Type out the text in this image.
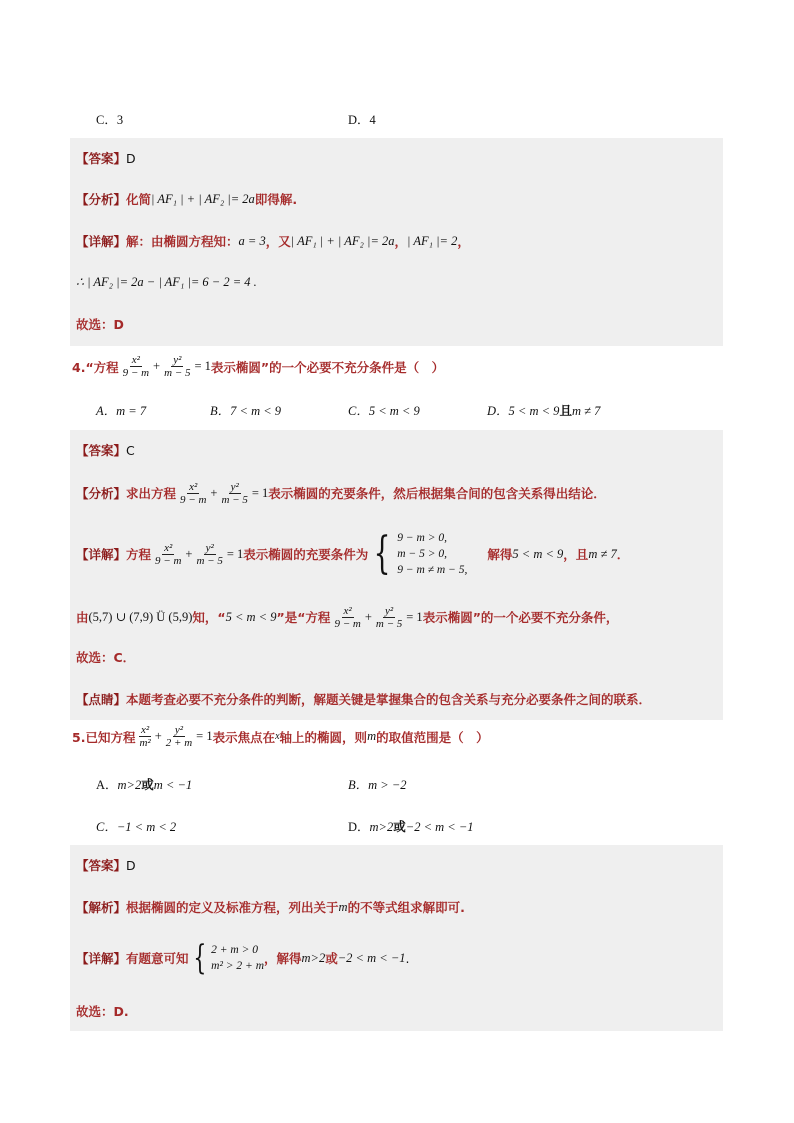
C．3	D．4
【答案】 D
【分析】 化简 | AF₁ | + | AF₂ |= 2a 即得解.
【详解】 解：由椭圆方程知： a = 3 ，又 | AF₁ | + | AF₂ |= 2a ， | AF₁ |= 2 ，
∴ | AF₂ |= 2a − | AF₁ |= 6 − 2 = 4 .
故选：D
4.“方程 $\frac{\text{x²}}{9 - m} + \frac{\text{y²}}{m - 5} = 1$ 表示椭圆”的一个必要不充分条件是（　）
A．m = 7	B．7 < m < 9	C．5 < m < 9	D．5 < m < 9且m ≠ 7
【答案】 C
【分析】 求出方程 $\frac{\text{x²}}{9 - m} + \frac{\text{y²}}{m - 5} = 1$ 表示椭圆的充要条件，然后根据集合间的包含关系得出结论．
【详解】 方程 $\frac{\text{x²}}{9 - m} + \frac{\text{y²}}{m - 5} = 1$ 表示椭圆的充要条件为 { 9 − m > 0,
m − 5 > 0,
9 − m ≠ m − 5,
解得 5 < m < 9 ，且 m ≠ 7 ．
由 (5,7) ∪ (7,9) Ü (5,9) 知，“ 5 < m < 9 ”是“方程 $\frac{\text{x²}}{9 - m} + \frac{\text{y²}}{m - 5} = 1$ 表示椭圆”的一个必要不充分条件，
故选：C．
【点睛】 本题考查必要不充分条件的判断，解题关键是掌握集合的包含关系与充分必要条件之间的联系．
5.已知方程 $\frac{\text{x²}}{\text{m²}} + \frac{\text{y²}}{2 + m} = 1$ 表示焦点在 x 轴上的椭圆，则 m 的取值范围是（　）
A．m>2或m < −1	B．m > −2
C．−1 < m < 2	D．m>2或−2 < m < −1
【答案】 D
【解析】 根据椭圆的定义及标准方程，列出关于 m 的不等式组求解即可.
【详解】 有题意可知 { 2 + m > 0
m² > 2 + m ，解得 m>2 或 −2 < m < −1 .
故选：D.
